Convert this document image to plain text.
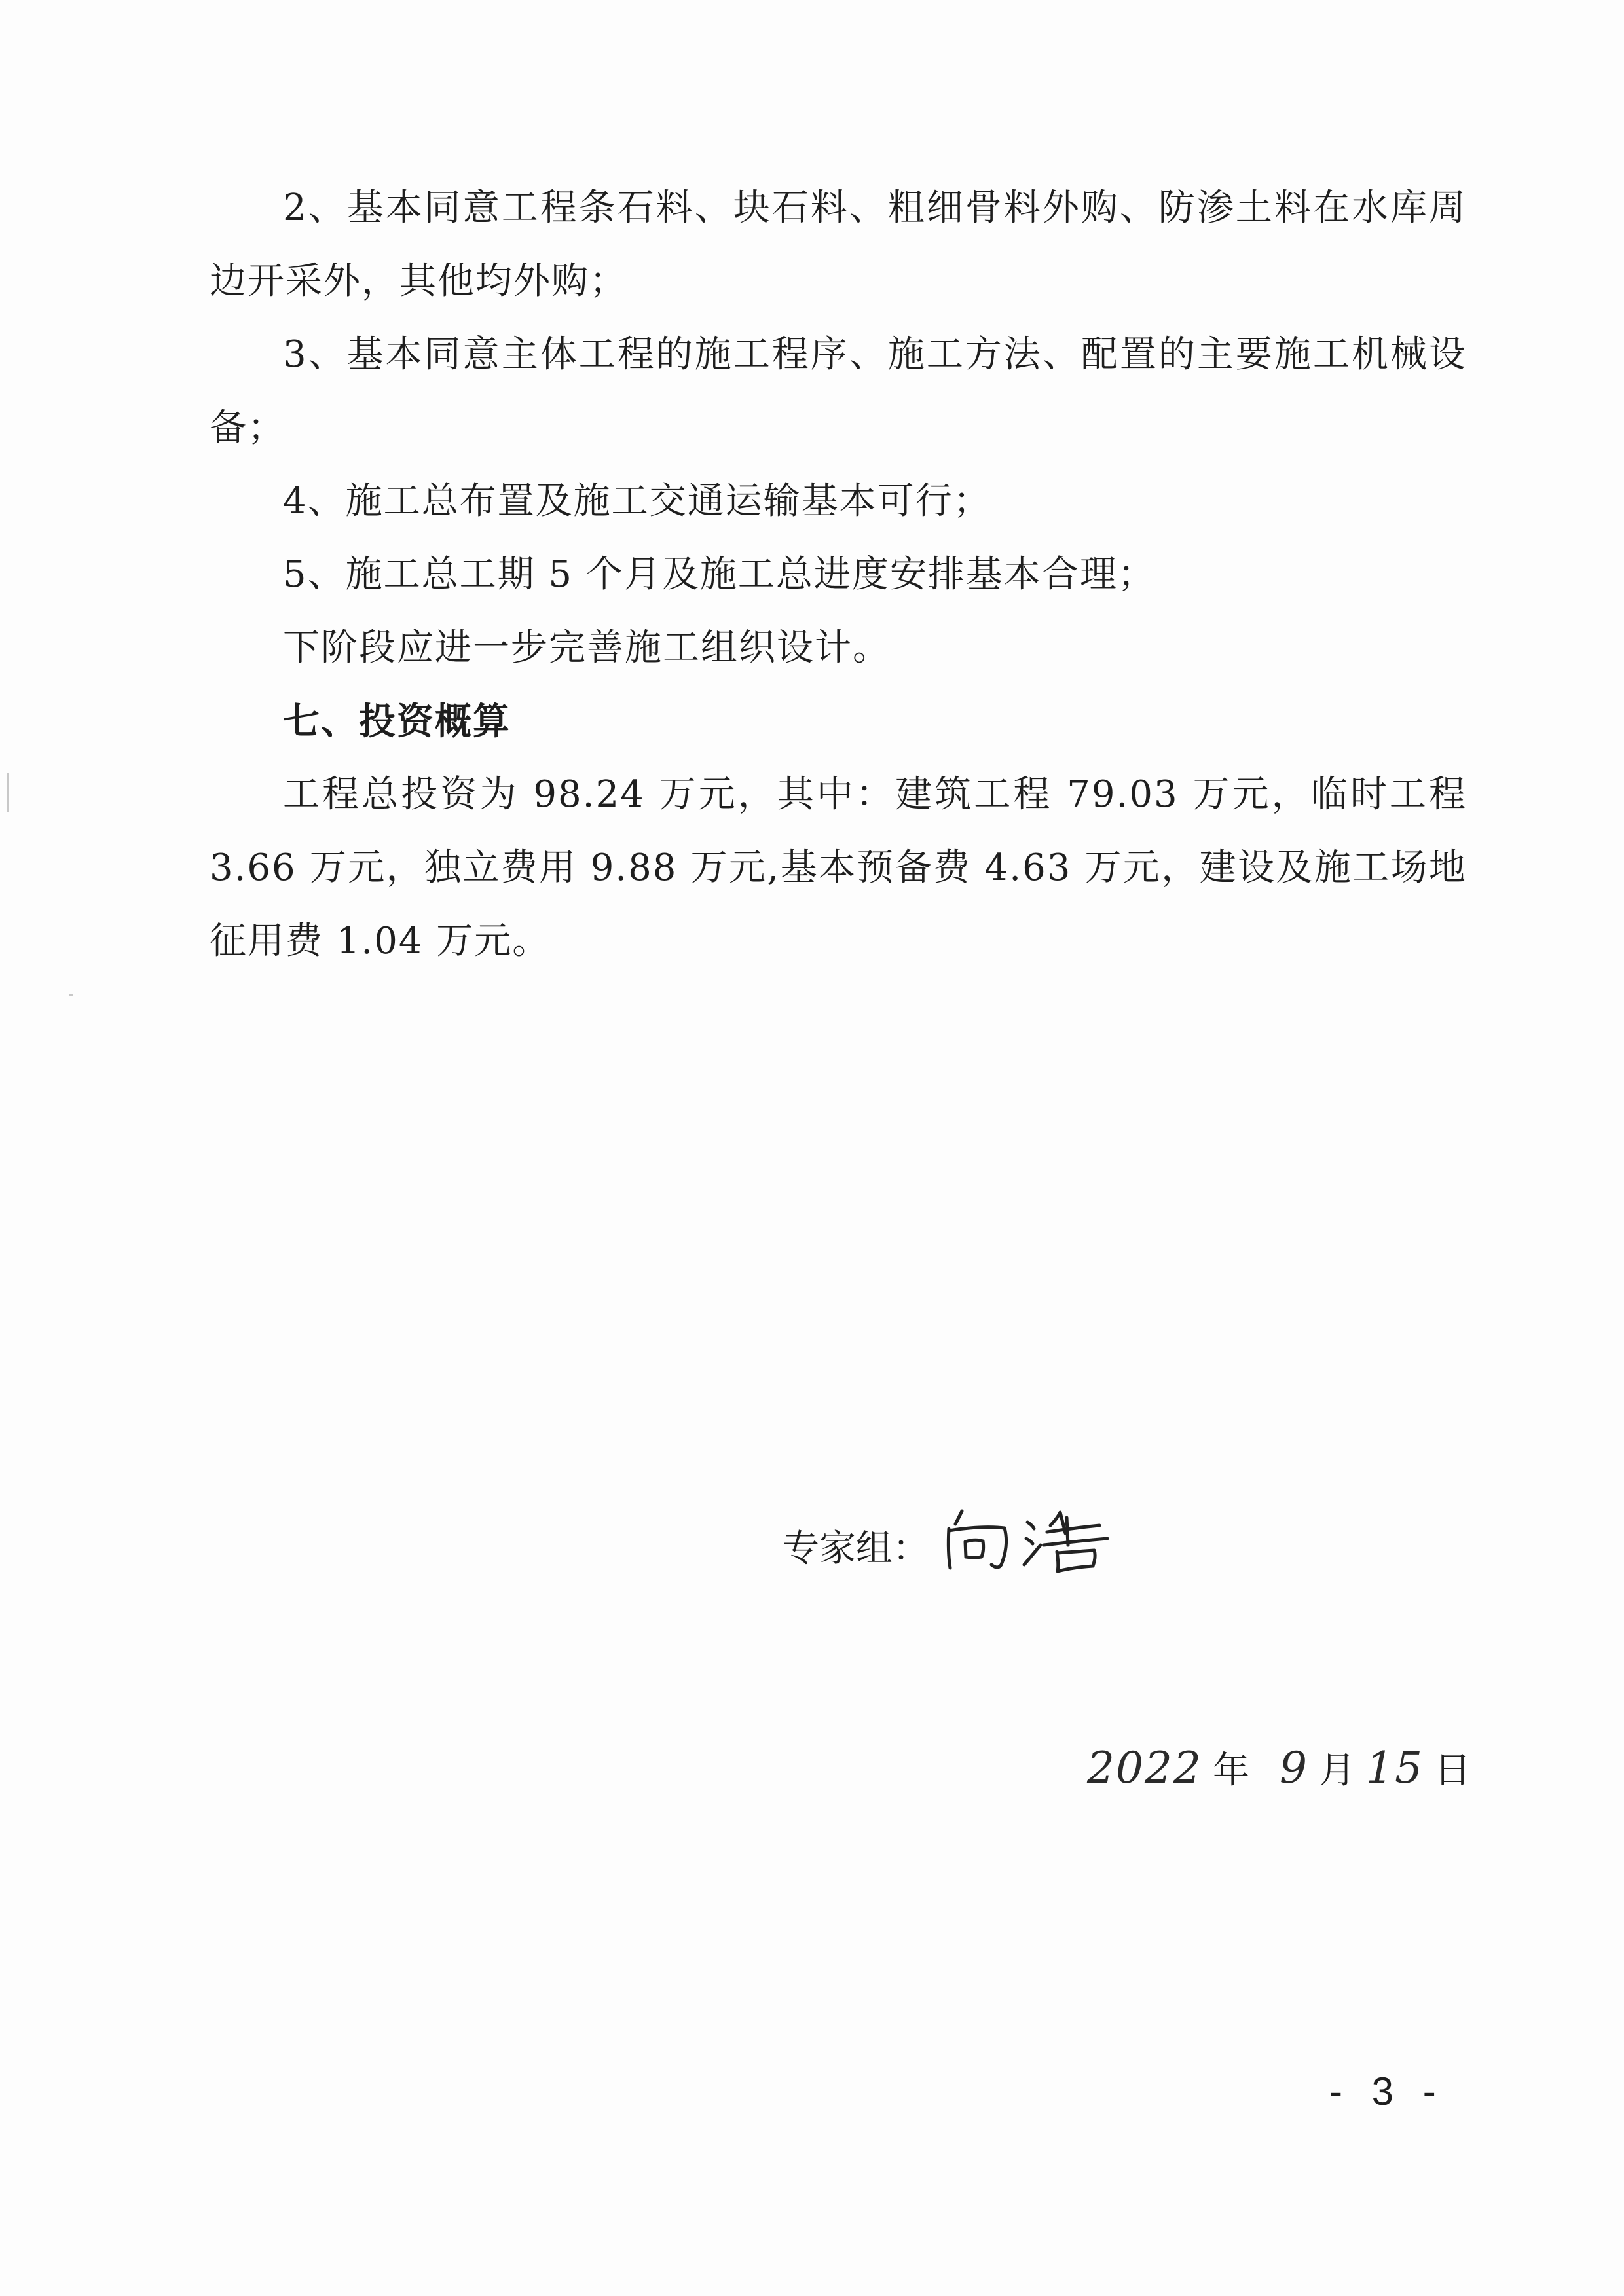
2、基本同意工程条石料、块石料、粗细骨料外购、防渗土料在水库周边开采外，其他均外购；

3、基本同意主体工程的施工程序、施工方法、配置的主要施工机械设备；

4、施工总布置及施工交通运输基本可行；

5、施工总工期 5 个月及施工总进度安排基本合理；

下阶段应进一步完善施工组织设计。

七、投资概算

工程总投资为 98.24 万元，其中：建筑工程 79.03 万元，临时工程 3.66 万元，独立费用 9.88 万元,基本预备费 4.63 万元，建设及施工场地征用费 1.04 万元。

专家组：
2022 年 9 月 15 日
- 3 -
